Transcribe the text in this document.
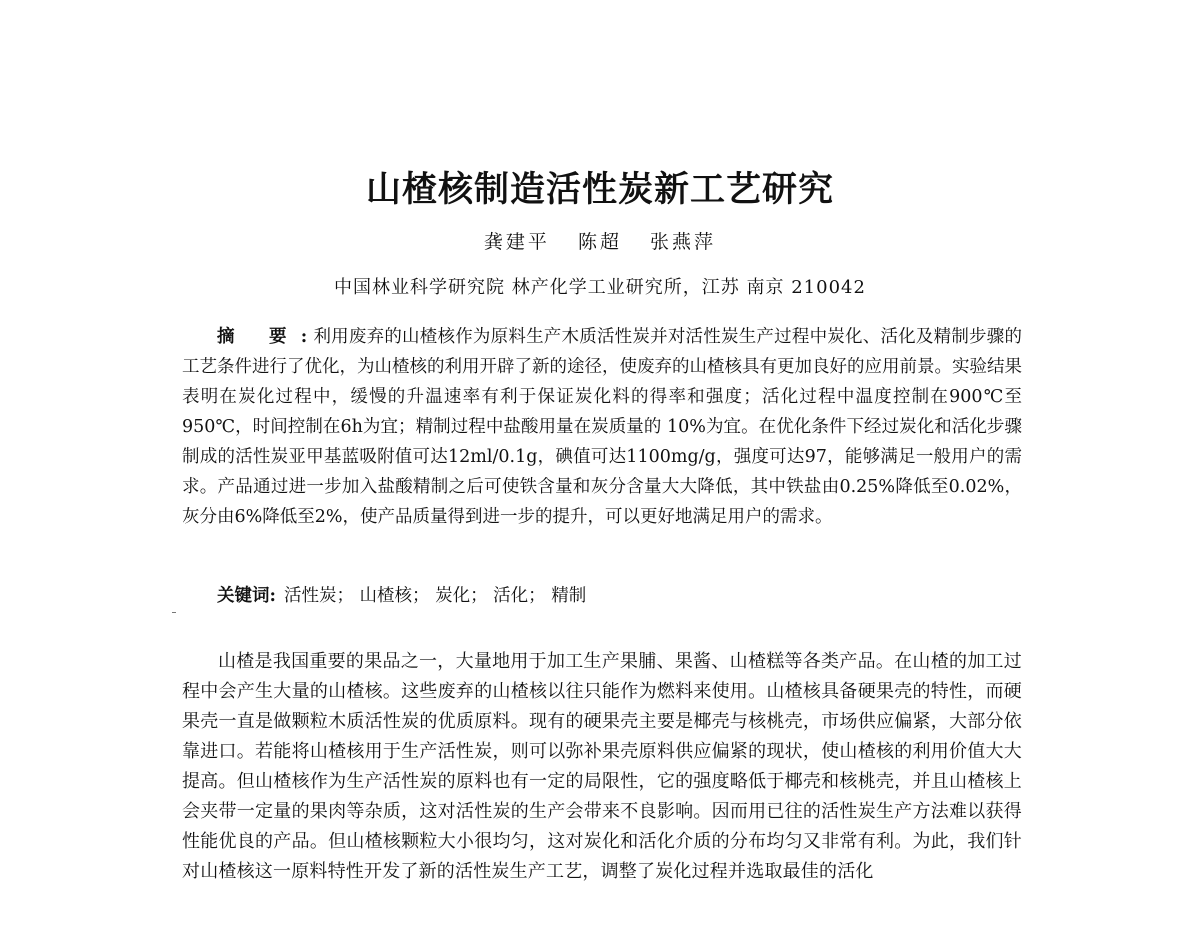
山楂核制造活性炭新工艺研究
龚建平 陈超 张燕萍
中国林业科学研究院 林产化学工业研究所，江苏 南京 210042

摘 要:利用废弃的山楂核作为原料生产木质活性炭并对活性炭生产过程中炭化、活化及精制步骤的工艺条件进行了优化，为山楂核的利用开辟了新的途径，使废弃的山楂核具有更加良好的应用前景。实验结果表明在炭化过程中，缓慢的升温速率有利于保证炭化料的得率和强度；活化过程中温度控制在900℃至950℃，时间控制在6h为宜；精制过程中盐酸用量在炭质量的 10%为宜。在优化条件下经过炭化和活化步骤制成的活性炭亚甲基蓝吸附值可达12ml/0.1g，碘值可达1100mg/g，强度可达97，能够满足一般用户的需求。产品通过进一步加入盐酸精制之后可使铁含量和灰分含量大大降低，其中铁盐由0.25%降低至0.02%，灰分由6%降低至2%，使产品质量得到进一步的提升，可以更好地满足用户的需求。

关键词: 活性炭； 山楂核； 炭化； 活化； 精制

山楂是我国重要的果品之一，大量地用于加工生产果脯、果酱、山楂糕等各类产品。在山楂的加工过程中会产生大量的山楂核。这些废弃的山楂核以往只能作为燃料来使用。山楂核具备硬果壳的特性，而硬果壳一直是做颗粒木质活性炭的优质原料。现有的硬果壳主要是椰壳与核桃壳，市场供应偏紧，大部分依靠进口。若能将山楂核用于生产活性炭，则可以弥补果壳原料供应偏紧的现状，使山楂核的利用价值大大提高。但山楂核作为生产活性炭的原料也有一定的局限性，它的强度略低于椰壳和核桃壳，并且山楂核上会夹带一定量的果肉等杂质，这对活性炭的生产会带来不良影响。因而用已往的活性炭生产方法难以获得性能优良的产品。但山楂核颗粒大小很均匀，这对炭化和活化介质的分布均匀又非常有利。为此，我们针对山楂核这一原料特性开发了新的活性炭生产工艺，调整了炭化过程并选取最佳的活化
